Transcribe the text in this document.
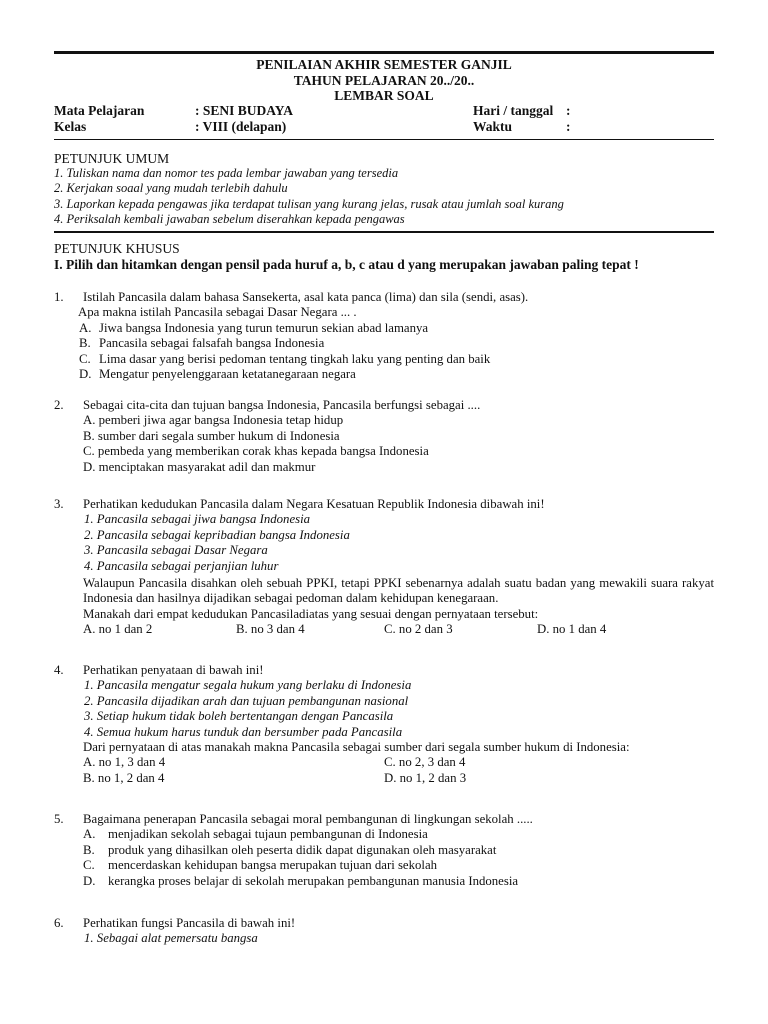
PENILAIAN AKHIR SEMESTER GANJIL
TAHUN PELAJARAN 20../20..
LEMBAR SOAL
Mata Pelajaran	: SENI BUDAYA	Hari / tanggal :
Kelas	: VIII (delapan)	Waktu	:
PETUNJUK UMUM
1. Tuliskan nama dan nomor tes pada lembar jawaban yang tersedia
2. Kerjakan soaal yang mudah terlebih dahulu
3. Laporkan kepada pengawas jika terdapat tulisan yang kurang jelas, rusak atau jumlah soal kurang
4. Periksalah kembali jawaban sebelum diserahkan kepada pengawas
PETUNJUK KHUSUS
I. Pilih dan hitamkan dengan pensil pada huruf a, b, c atau d yang merupakan jawaban paling tepat !
1. Istilah Pancasila dalam bahasa Sansekerta, asal kata panca (lima) dan sila (sendi, asas).
Apa makna istilah Pancasila sebagai Dasar Negara ... .
A. Jiwa bangsa Indonesia yang turun temurun sekian abad lamanya
B. Pancasila sebagai falsafah bangsa Indonesia
C. Lima dasar yang berisi pedoman tentang tingkah laku yang penting dan baik
D. Mengatur penyelenggaraan ketatanegaraan negara
2. Sebagai cita-cita dan tujuan bangsa Indonesia, Pancasila berfungsi sebagai ....
A. pemberi jiwa agar bangsa Indonesia tetap hidup
B. sumber dari segala sumber hukum di Indonesia
C. pembeda yang memberikan corak khas kepada bangsa Indonesia
D. menciptakan masyarakat adil dan makmur
3. Perhatikan kedudukan Pancasila dalam Negara Kesatuan Republik Indonesia dibawah ini!
1. Pancasila sebagai jiwa bangsa Indonesia
2. Pancasila sebagai kepribadian bangsa Indonesia
3. Pancasila sebagai Dasar Negara
4. Pancasila sebagai perjanjian luhur
Walaupun Pancasila disahkan oleh sebuah PPKI, tetapi PPKI sebenarnya adalah suatu badan yang mewakili suara rakyat Indonesia dan hasilnya dijadikan sebagai pedoman dalam kehidupan kenegaraan.
Manakah dari empat kedudukan Pancasiladiatas yang sesuai dengan pernyataan tersebut:
A. no 1 dan 2	B. no 3 dan 4	C. no 2 dan 3	D. no 1 dan 4
4. Perhatikan penyataan di bawah ini!
1. Pancasila mengatur segala hukum yang berlaku di Indonesia
2. Pancasila dijadikan arah dan tujuan pembangunan nasional
3. Setiap hukum tidak boleh bertentangan dengan Pancasila
4. Semua hukum harus tunduk dan bersumber pada Pancasila
Dari pernyataan di atas manakah makna Pancasila sebagai sumber dari segala sumber hukum di Indonesia:
A. no 1, 3 dan 4	C. no 2, 3 dan 4
B. no 1, 2 dan 4	D. no 1, 2 dan 3
5. Bagaimana penerapan Pancasila sebagai moral pembangunan di lingkungan sekolah .....
A. menjadikan sekolah sebagai tujaun pembangunan di Indonesia
B. produk yang dihasilkan oleh peserta didik dapat digunakan oleh masyarakat
C. mencerdaskan kehidupan bangsa merupakan tujuan dari sekolah
D. kerangka proses belajar di sekolah merupakan pembangunan manusia Indonesia
6. Perhatikan fungsi Pancasila di bawah ini!
1. Sebagai alat pemersatu bangsa
